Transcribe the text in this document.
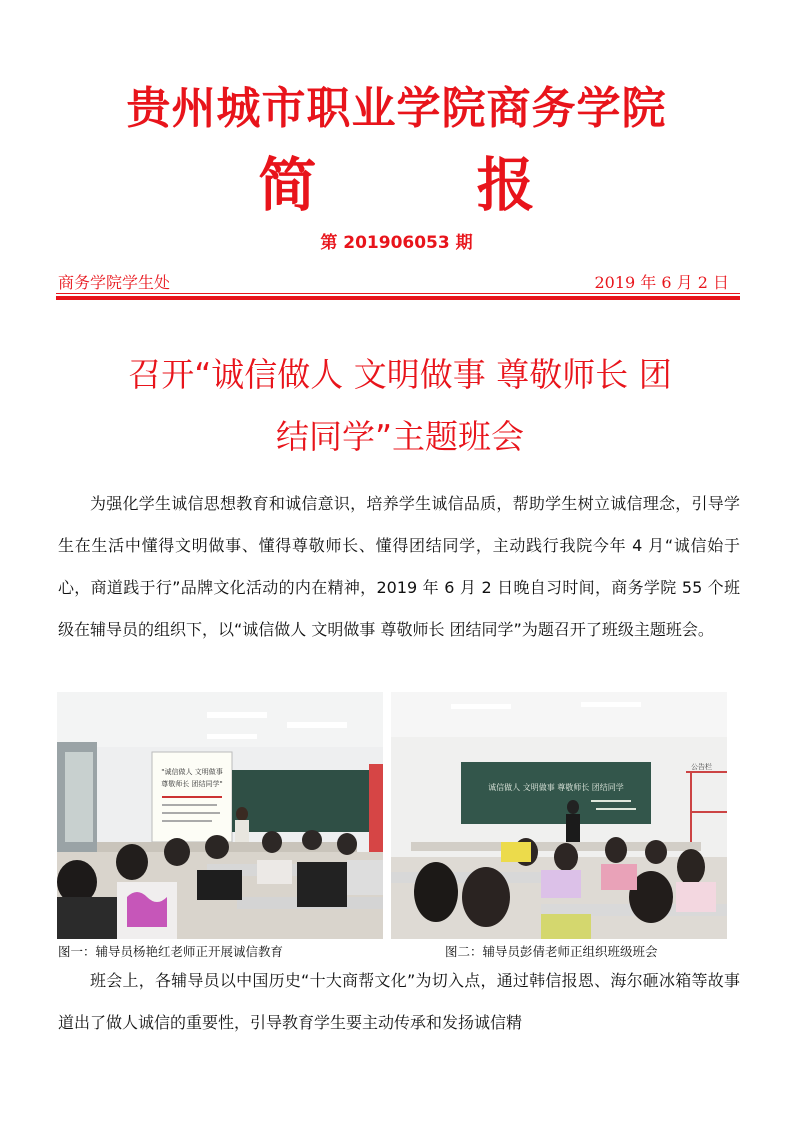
贵州城市职业学院商务学院
简 报
第 201906053 期
商务学院学生处	2019 年 6 月 2 日
召开“诚信做人 文明做事 尊敬师长 团
结同学”主题班会
为强化学生诚信思想教育和诚信意识，培养学生诚信品质，帮助学生树立诚信理念，引导学生在生活中懂得文明做事、懂得尊敬师长、懂得团结同学，主动践行我院今年 4 月“诚信始于心，商道践于行”品牌文化活动的内在精神，2019 年 6 月 2 日晚自习时间，商务学院 55 个班级在辅导员的组织下，以“诚信做人 文明做事 尊敬师长 团结同学”为题召开了班级主题班会。
"诚信做人 文明做事
尊敬师长 团结同学"	诚信做人 文明做事 尊敬师长 团结同学
公告栏
图一：辅导员杨艳红老师正开展诚信教育	图二：辅导员彭倩老师正组织班级班会
班会上，各辅导员以中国历史“十大商帮文化”为切入点，通过韩信报恩、海尔砸冰箱等故事道出了做人诚信的重要性，引导教育学生要主动传承和发扬诚信精
